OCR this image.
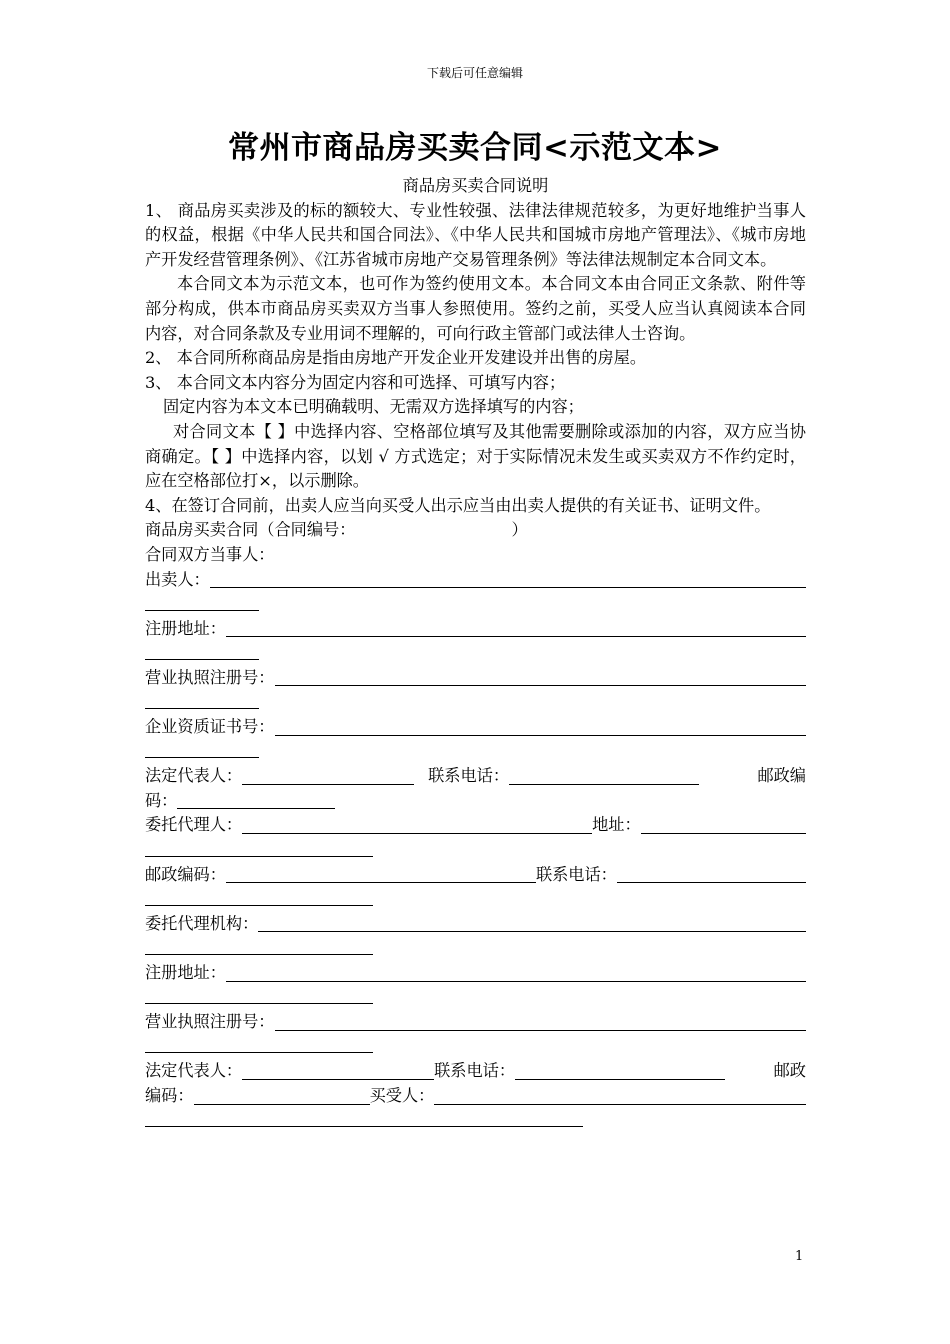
下载后可任意编辑
常州市商品房买卖合同<示范文本>

商品房买卖合同说明

1、 商品房买卖涉及的标的额较大、专业性较强、法律法律规范较多，为更好地维护当事人的权益，根据《中华人民共和国合同法》、《中华人民共和国城市房地产管理法》、《城市房地产开发经营管理条例》、《江苏省城市房地产交易管理条例》等法律法规制定本合同文本。

本合同文本为示范文本，也可作为签约使用文本。本合同文本由合同正文条款、附件等部分构成，供本市商品房买卖双方当事人参照使用。签约之前，买受人应当认真阅读本合同内容，对合同条款及专业用词不理解的，可向行政主管部门或法律人士咨询。

2、 本合同所称商品房是指由房地产开发企业开发建设并出售的房屋。

3、 本合同文本内容分为固定内容和可选择、可填写内容；

固定内容为本文本已明确载明、无需双方选择填写的内容；

对合同文本【 】中选择内容、空格部位填写及其他需要删除或添加的内容，双方应当协商确定。【 】中选择内容，以划 √ 方式选定；对于实际情况未发生或买卖双方不作约定时，应在空格部位打×，以示删除。

4、在签订合同前，出卖人应当向买受人出示应当由出卖人提供的有关证书、证明文件。

商品房买卖合同（合同编号：	）
合同双方当事人：
出卖人：
注册地址：
营业执照注册号：
企业资质证书号：
法定代表人：	联系电话：	邮政编
码：
委托代理人：	地址：
邮政编码：	联系电话：
委托代理机构：
注册地址：
营业执照注册号：
法定代表人：	联系电话：	邮政
编码：	买受人：
1
